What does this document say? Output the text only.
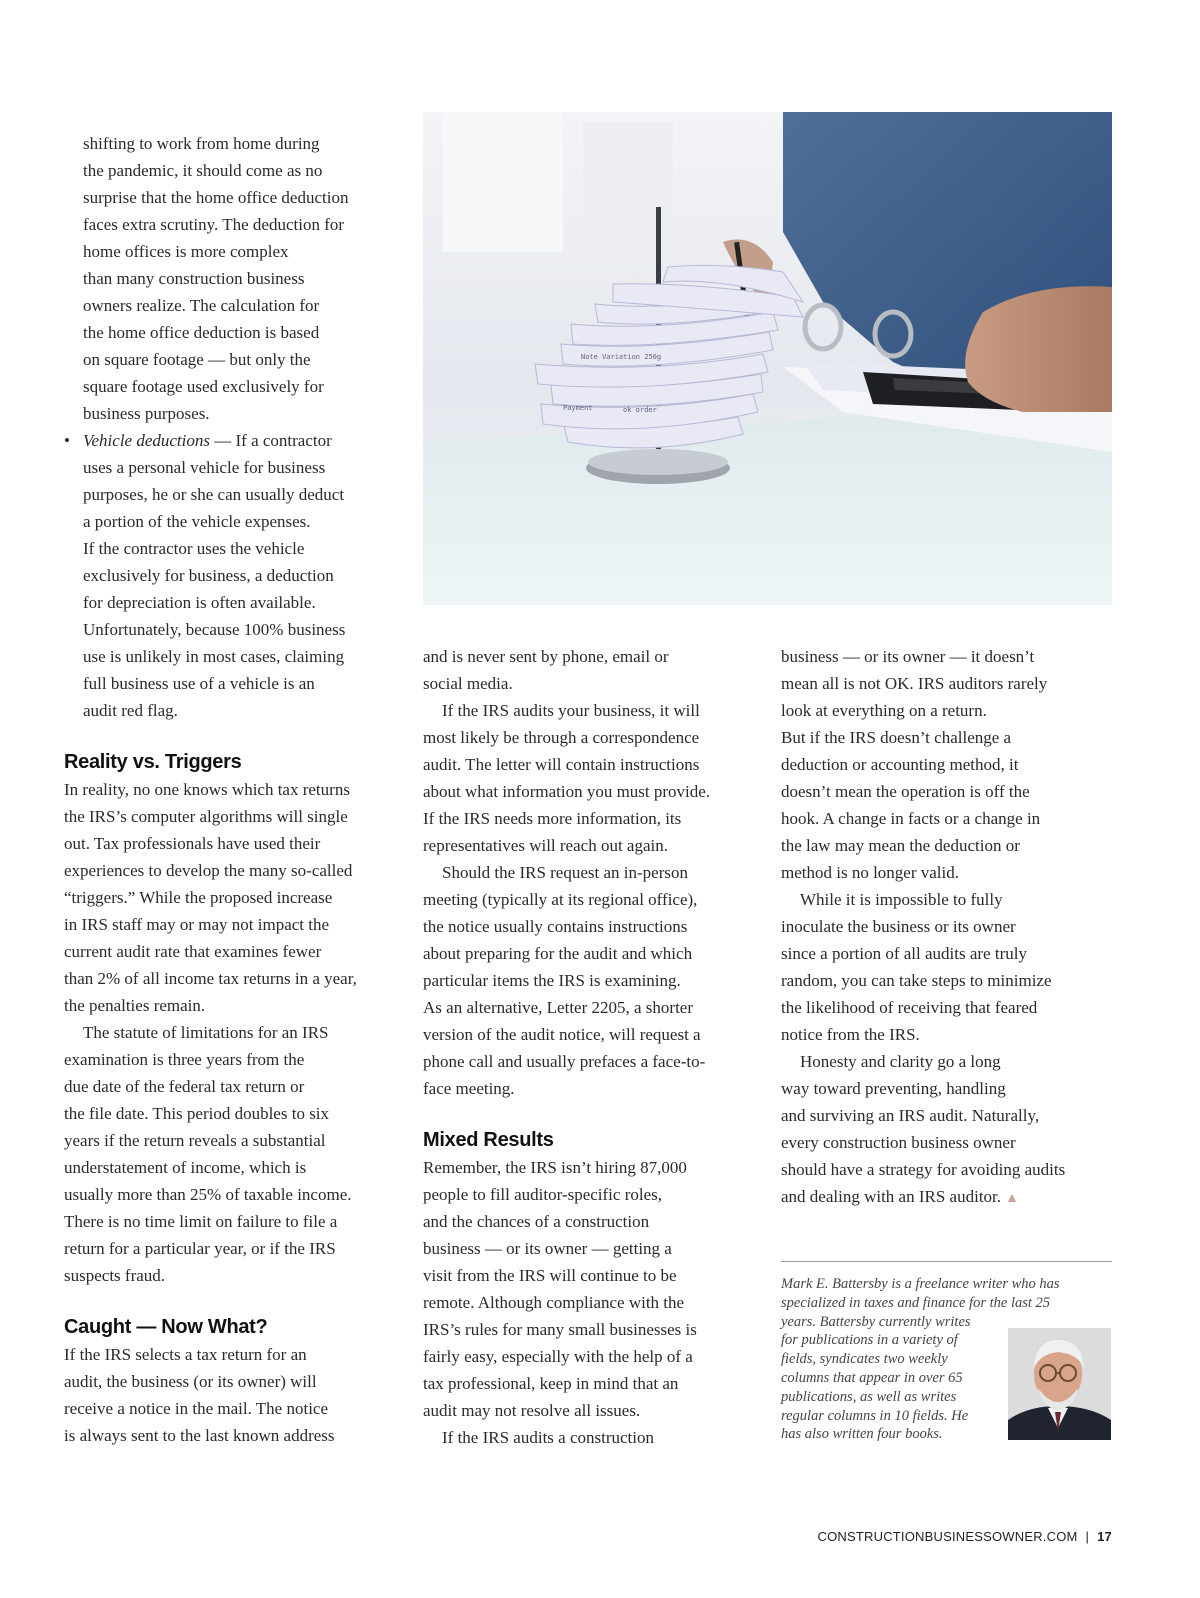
shifting to work from home during
the pandemic, it should come as no
surprise that the home office deduction
faces extra scrutiny. The deduction for
home offices is more complex
than many construction business
owners realize. The calculation for
the home office deduction is based
on square footage — but only the
square footage used exclusively for
business purposes.
• Vehicle deductions — If a contractor
uses a personal vehicle for business
purposes, he or she can usually deduct
a portion of the vehicle expenses.
If the contractor uses the vehicle
exclusively for business, a deduction
for depreciation is often available.
Unfortunately, because 100% business
use is unlikely in most cases, claiming
full business use of a vehicle is an
audit red flag.
Reality vs. Triggers

In reality, no one knows which tax returns
the IRS’s computer algorithms will single
out. Tax professionals have used their
experiences to develop the many so-called
“triggers.” While the proposed increase
in IRS staff may or may not impact the
current audit rate that examines fewer
than 2% of all income tax returns in a year,
the penalties remain.

The statute of limitations for an IRS
examination is three years from the
due date of the federal tax return or
the file date. This period doubles to six
years if the return reveals a substantial
understatement of income, which is
usually more than 25% of taxable income.
There is no time limit on failure to file a
return for a particular year, or if the IRS
suspects fraud.

Caught — Now What?

If the IRS selects a tax return for an
audit, the business (or its owner) will
receive a notice in the mail. The notice
is always sent to the last known address

Note Variation 250g
Payment	ok order

and is never sent by phone, email or
social media.

If the IRS audits your business, it will
most likely be through a correspondence
audit. The letter will contain instructions
about what information you must provide.
If the IRS needs more information, its
representatives will reach out again.

Should the IRS request an in-person
meeting (typically at its regional office),
the notice usually contains instructions
about preparing for the audit and which
particular items the IRS is examining.
As an alternative, Letter 2205, a shorter
version of the audit notice, will request a
phone call and usually prefaces a face-to-
face meeting.

Mixed Results

Remember, the IRS isn’t hiring 87,000
people to fill auditor-specific roles,
and the chances of a construction
business — or its owner — getting a
visit from the IRS will continue to be
remote. Although compliance with the
IRS’s rules for many small businesses is
fairly easy, especially with the help of a
tax professional, keep in mind that an
audit may not resolve all issues.

If the IRS audits a construction

business — or its owner — it doesn’t
mean all is not OK. IRS auditors rarely
look at everything on a return.
But if the IRS doesn’t challenge a
deduction or accounting method, it
doesn’t mean the operation is off the
hook. A change in facts or a change in
the law may mean the deduction or
method is no longer valid.

While it is impossible to fully
inoculate the business or its owner
since a portion of all audits are truly
random, you can take steps to minimize
the likelihood of receiving that feared
notice from the IRS.

Honesty and clarity go a long
way toward preventing, handling
and surviving an IRS audit. Naturally,
every construction business owner
should have a strategy for avoiding audits
and dealing with an IRS auditor. ▲

Mark E. Battersby is a freelance writer who has
specialized in taxes and finance for the last 25
years. Battersby currently writes
for publications in a variety of
fields, syndicates two weekly
columns that appear in over 65
publications, as well as writes
regular columns in 10 fields. He
has also written four books.
CONSTRUCTIONBUSINESSOWNER.COM | 17
